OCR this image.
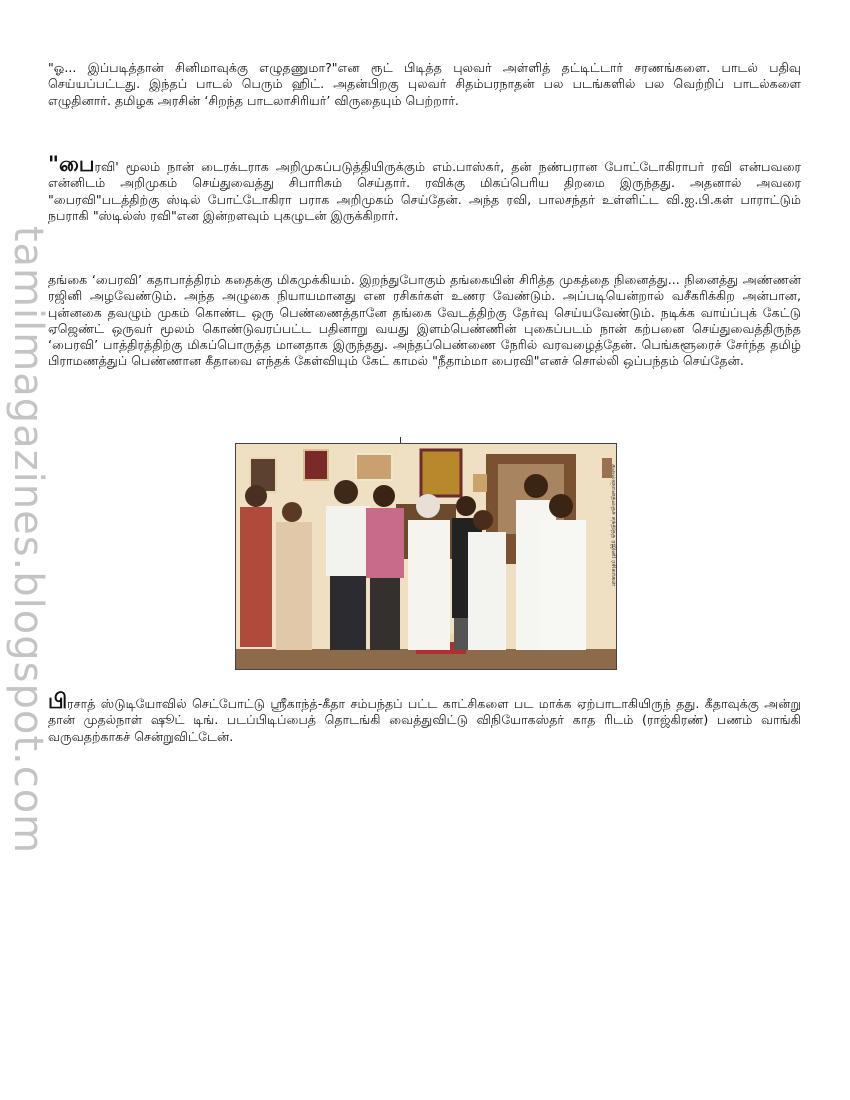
tamilmagazines.blogspot.com

"ஓ... இப்படித்தான் சினிமாவுக்கு எழுதணுமா?"என ரூட் பிடித்த புலவர் அள்ளித் தட்டிட்டார் சரணங்களை. பாடல் பதிவு செய்யப்பட்டது. இந்தப் பாடல் பெரும் ஹிட். அதன்பிறகு புலவர் சிதம்பரநாதன் பல படங்களில் பல வெற்றிப் பாடல்களை எழுதினார். தமிழக அரசின் ‘சிறந்த பாடலாசிரியர்’ விருதையும் பெற்றார்.

"பைரவி' மூலம் நான் டைரக்டராக அறிமுகப்படுத்தியிருக்கும் எம்.பாஸ்கர், தன் நண்பரான போட்டோகிராபர் ரவி என்பவரை என்னிடம் அறிமுகம் செய்துவைத்து சிபாரிசும் செய்தார். ரவிக்கு மிகப்பெரிய திறமை இருந்தது. அதனால் அவரை "பைரவி"படத்திற்கு ஸ்டில் போட்டோகிரா பராக அறிமுகம் செய்தேன். அந்த ரவி, பாலசந்தர் உள்ளிட்ட வி.ஐ.பி.கள் பாராட்டும் நபராகி "ஸ்டில்ஸ் ரவி"என இன்றளவும் புகழுடன் இருக்கிறார்.

தங்கை ‘பைரவி’ கதாபாத்திரம் கதைக்கு மிகமுக்கியம். இறந்துபோகும் தங்கையின் சிரித்த முகத்தை நினைத்து... நினைத்து அண்ணன் ரஜினி அழவேண்டும். அந்த அழுகை நியாயமானது என ரசிகர்கள் உணர வேண்டும். அப்படியென்றால் வசீகரிக்கிற அன்பான, புன்னகை தவழும் முகம் கொண்ட ஒரு பெண்ணைத்தானே தங்கை வேடத்திற்கு தேர்வு செய்யவேண்டும். நடிக்க வாய்ப்புக் கேட்டு ஏஜெண்ட் ஒருவர் மூலம் கொண்டுவரப்பட்ட பதினாறு வயது இளம்பெண்ணின் புகைப்படம் நான் கற்பனை செய்துவைத்திருந்த ‘பைரவி’ பாத்திரத்திற்கு மிகப்பொருத்த மானதாக இருந்தது. அந்தப்பெண்ணை நேரில் வரவழைத்தேன். பெங்களூரைச் சேர்ந்த தமிழ் பிராமணத்துப் பெண்ணான கீதாவை எந்தக் கேள்வியும் கேட் காமல் "நீதாம்மா பைரவி"எனச் சொல்லி ஒப்பந்தம் செய்தேன்.

கலைஞானத்தைச் சந்தித்த ரஜினி ரசிகர்கள்

பிரசாத் ஸ்டுடியோவில் செட்போட்டு ஸ்ரீகாந்த்-கீதா சம்பந்தப் பட்ட காட்சிகளை பட மாக்க ஏற்பாடாகியிருந் தது. கீதாவுக்கு அன்று தான் முதல்நாள் ஷூட் டிங். படப்பிடிப்பைத் தொடங்கி வைத்துவிட்டு விநியோகஸ்தர் காத ரிடம் (ராஜ்கிரண்) பணம் வாங்கி வருவதற்காகச் சென்றுவிட்டேன்.
